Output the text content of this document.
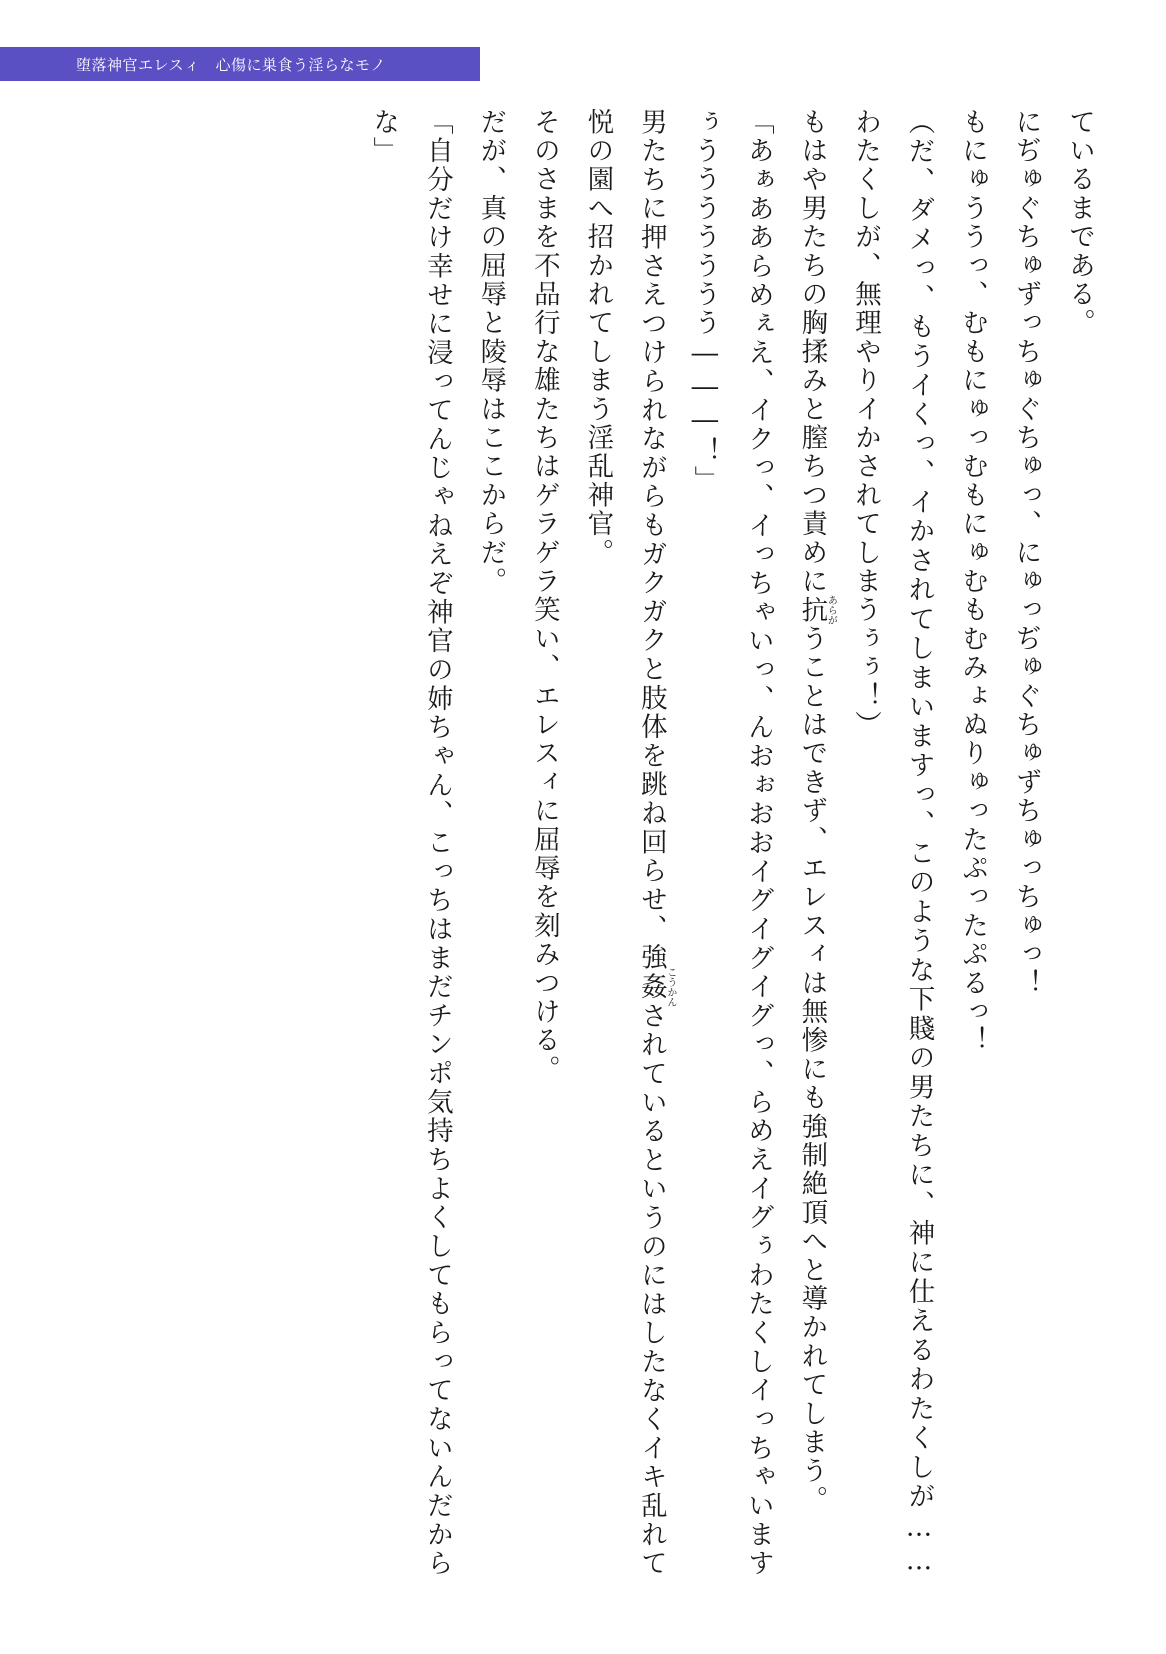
堕落神官エレスィ　心傷に巣食う淫らなモノ

ているまである。

にぢゅぐちゅずっちゅぐちゅっ、にゅっぢゅぐちゅずちゅっちゅっ！

もにゅううっ、むもにゅっむもにゅむもむみょぬりゅったぷったぷるっ！

（だ、ダメっ、もうイくっ、イかされてしまいますっ、このような下賤の男たちに、神に仕えるわたくしが……わたくしが、無理やりイかされてしまうぅぅ！）

もはや男たちの胸揉みと膣ちつ責めに抗あらがうことはできず、エレスィは無惨にも強制絶頂へと導かれてしまう。

「あぁああらめぇえ、イクっ、イっちゃいっ、んおぉおおイグイグイグっ、らめえイグぅわたくしイっちゃいますぅううううううう―――！」

男たちに押さえつけられながらもガクガクと肢体を跳ね回らせ、強姦こうかんされているというのにはしたなくイキ乱れて悦の園へ招かれてしまう淫乱神官。

そのさまを不品行な雄たちはゲラゲラ笑い、エレスィに屈辱を刻みつける。

だが、真の屈辱と陵辱はここからだ。

「自分だけ幸せに浸ってんじゃねえぞ神官の姉ちゃん、こっちはまだチンポ気持ちよくしてもらってないんだからな」
